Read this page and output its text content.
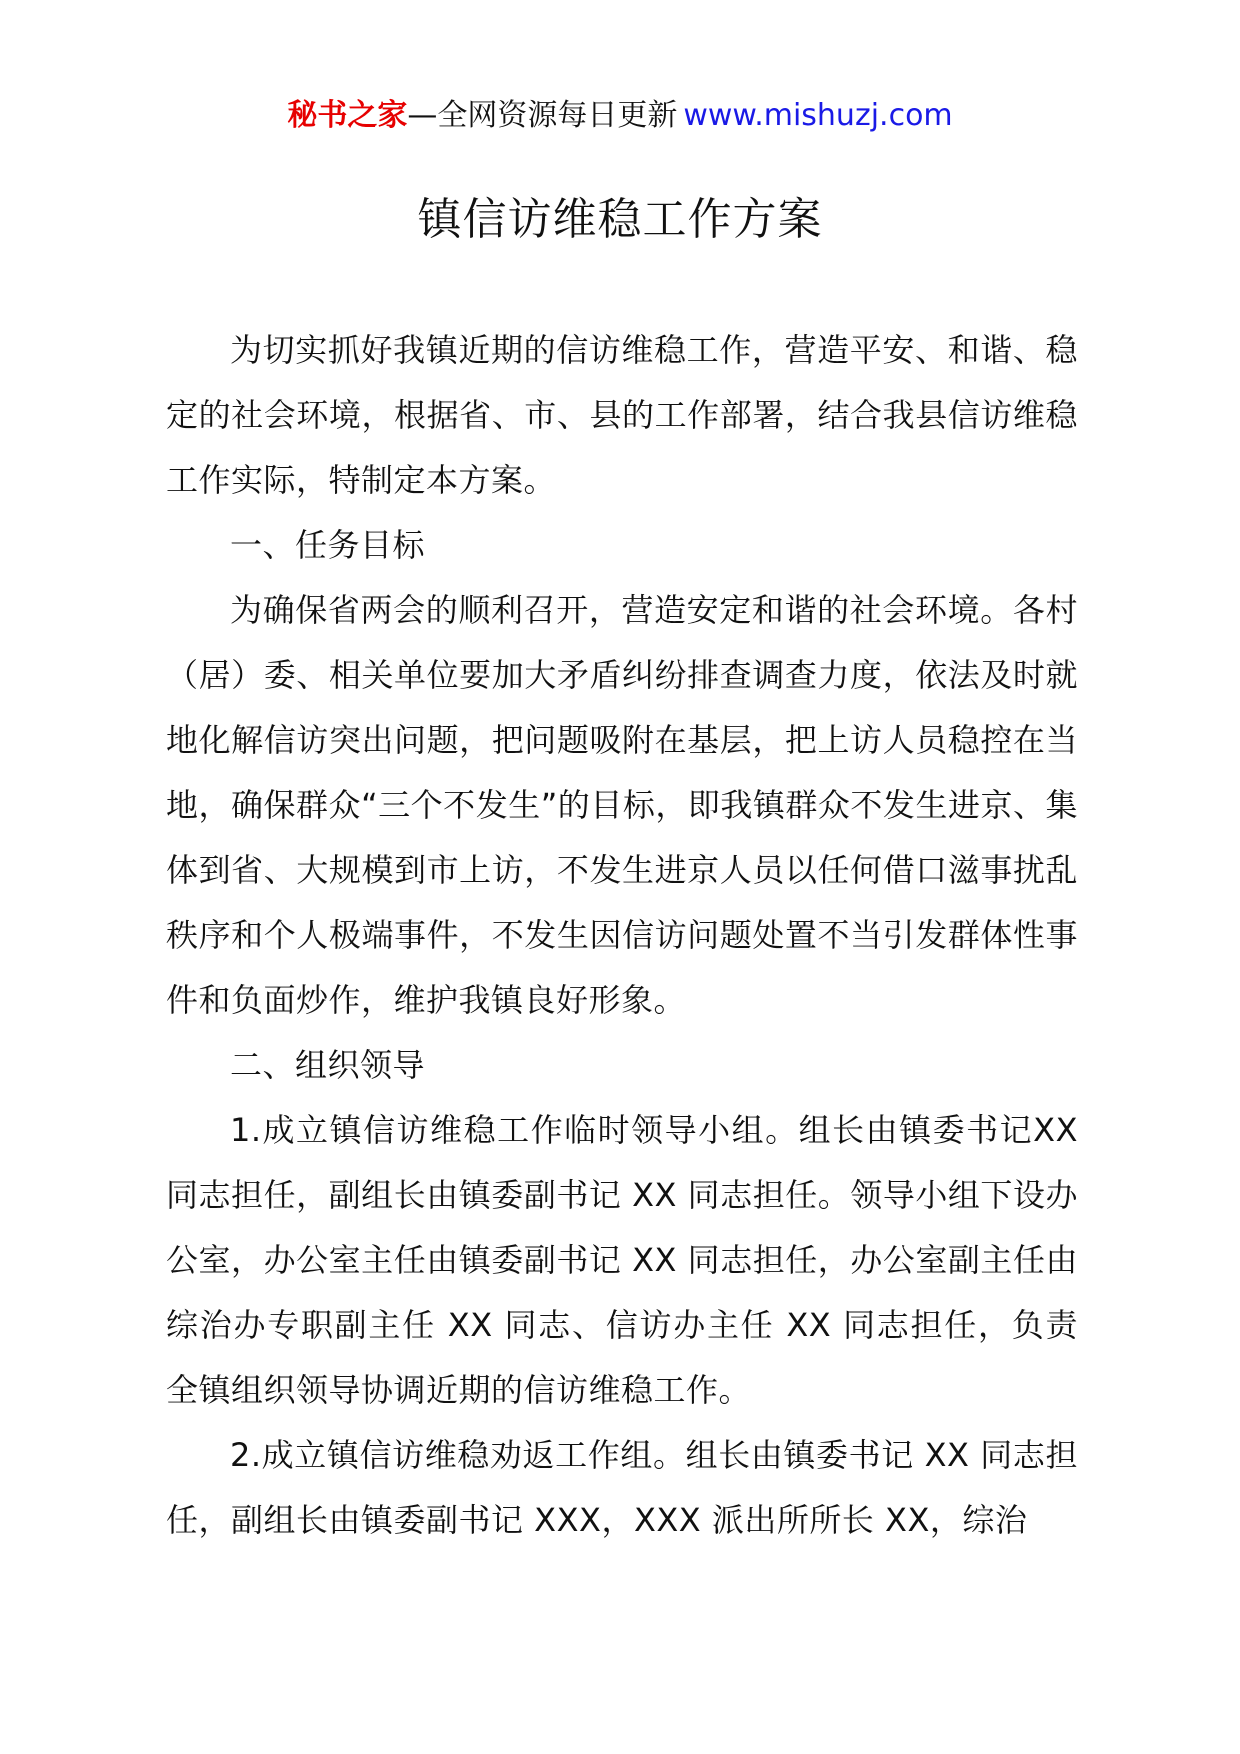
秘书之家—全网资源每日更新 www.mishuzj.com
镇信访维稳工作方案

为切实抓好我镇近期的信访维稳工作，营造平安、和谐、稳定的社会环境，根据省、市、县的工作部署，结合我县信访维稳工作实际，特制定本方案。

一、任务目标

为确保省两会的顺利召开，营造安定和谐的社会环境。各村（居）委、相关单位要加大矛盾纠纷排查调查力度，依法及时就地化解信访突出问题，把问题吸附在基层，把上访人员稳控在当地，确保群众“三个不发生”的目标，即我镇群众不发生进京、集体到省、大规模到市上访，不发生进京人员以任何借口滋事扰乱秩序和个人极端事件，不发生因信访问题处置不当引发群体性事件和负面炒作，维护我镇良好形象。

二、组织领导

1.成立镇信访维稳工作临时领导小组。组长由镇委书记XX 同志担任，副组长由镇委副书记 XX 同志担任。领导小组下设办公室，办公室主任由镇委副书记 XX 同志担任，办公室副主任由综治办专职副主任 XX 同志、信访办主任 XX 同志担任，负责全镇组织领导协调近期的信访维稳工作。

2.成立镇信访维稳劝返工作组。组长由镇委书记 XX 同志担任，副组长由镇委副书记 XXX，XXX 派出所所长 XX，综治
